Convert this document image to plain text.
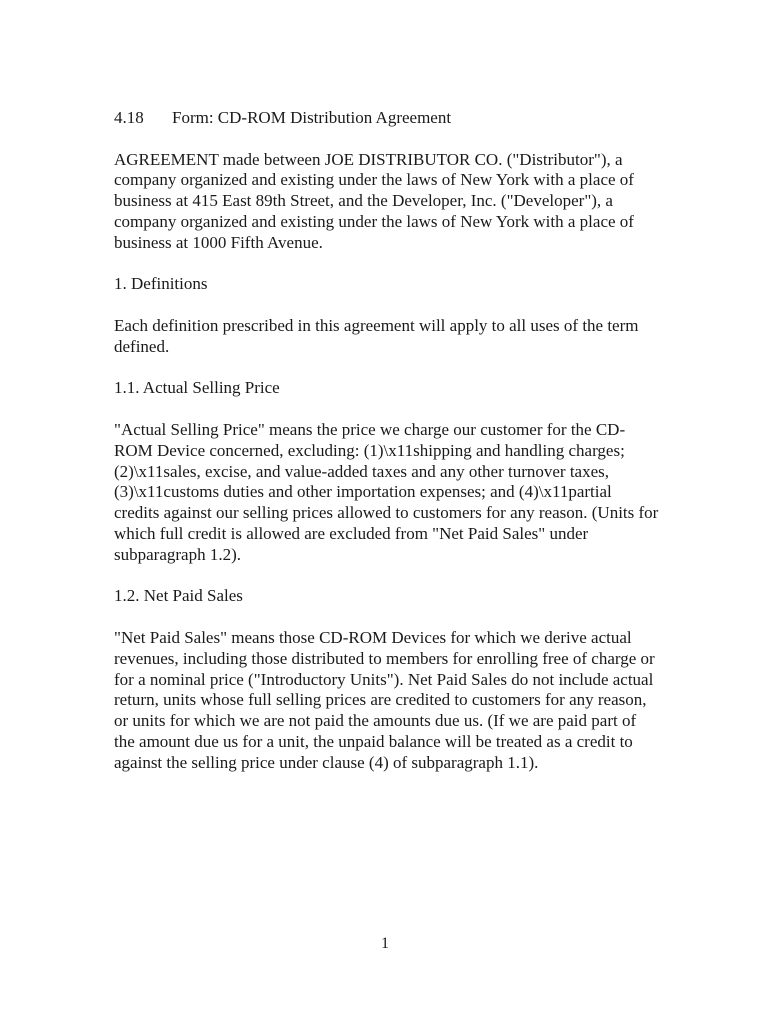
4.18 Form: CD-ROM Distribution Agreement

AGREEMENT made between JOE DISTRIBUTOR CO. ("Distributor"), a company organized and existing under the laws of New York with a place of business at 415 East 89th Street, and the Developer, Inc. ("Developer"), a company organized and existing under the laws of New York with a place of business at 1000 Fifth Avenue.

1. Definitions

Each definition prescribed in this agreement will apply to all uses of the term defined.

1.1. Actual Selling Price

"Actual Selling Price" means the price we charge our customer for the CD-ROM Device concerned, excluding: (1)\x11shipping and handling charges; (2)\x11sales, excise, and value-added taxes and any other turnover taxes, (3)\x11customs duties and other importation expenses; and (4)\x11partial credits against our selling prices allowed to customers for any reason. (Units for which full credit is allowed are excluded from "Net Paid Sales" under subparagraph 1.2).

1.2. Net Paid Sales

"Net Paid Sales" means those CD-ROM Devices for which we derive actual revenues, including those distributed to members for enrolling free of charge or for a nominal price ("Introductory Units"). Net Paid Sales do not include actual return, units whose full selling prices are credited to customers for any reason, or units for which we are not paid the amounts due us. (If we are paid part of the amount due us for a unit, the unpaid balance will be treated as a credit to against the selling price under clause (4) of subparagraph 1.1).

1
